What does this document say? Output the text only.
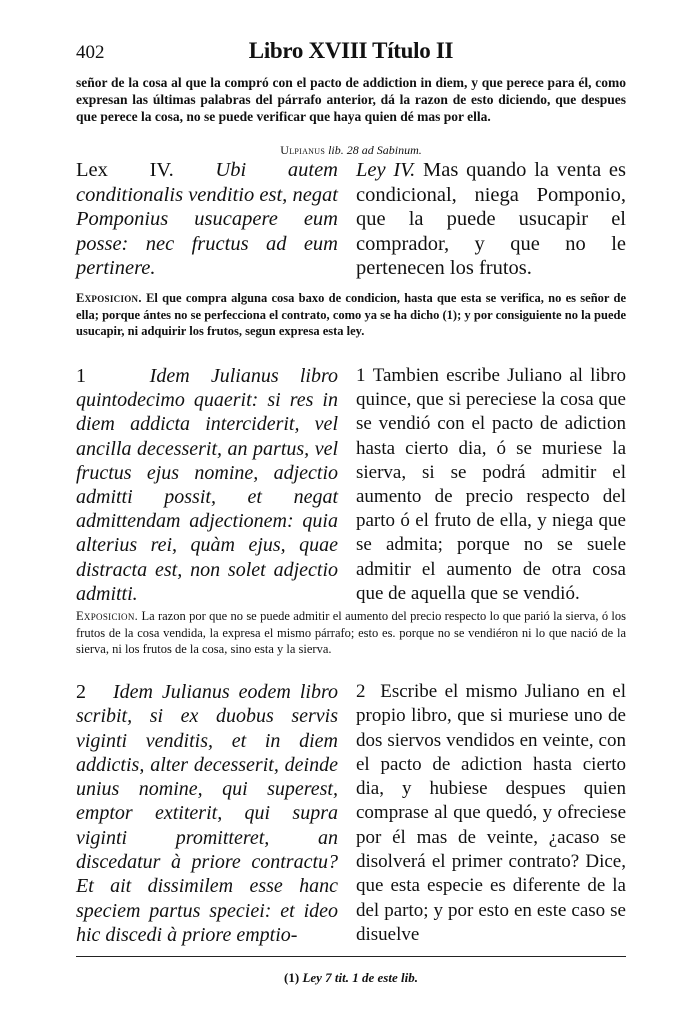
402	Libro XVIII Título II

señor de la cosa al que la compró con el pacto de addiction in diem, y que perece para él, como expresan las últimas palabras del párrafo anterior, dá la razon de esto diciendo, que despues que perece la cosa, no se puede verificar que haya quien dé mas por ella.

Ulpianus lib. 28 ad Sabinum.
Lex IV. Ubi autem conditionalis venditio est, negat Pomponius usucapere eum posse: nec fructus ad eum pertinere.
Ley IV. Mas quando la venta es condicional, niega Pomponio, que la puede usucapir el comprador, y que no le pertenecen los frutos.
Exposicion. El que compra alguna cosa baxo de condicion, hasta que esta se verifica, no es señor de ella; porque ántes no se perfecciona el contrato, como ya se ha dicho (1); y por consiguiente no la puede usucapir, ni adquirir los frutos, segun expresa esta ley.
1	Idem Julianus libro quintodecimo quaerit: si res in diem addicta interciderit, vel ancilla decesserit, an partus, vel fructus ejus nomine, adjectio admitti possit, et negat admittendam adjectionem: quia alterius rei, quàm ejus, quae distracta est, non solet adjectio admitti.
1 Tambien escribe Juliano al libro quince, que si pereciese la cosa que se vendió con el pacto de adiction hasta cierto dia, ó se muriese la sierva, si se podrá admitir el aumento de precio respecto del parto ó el fruto de ella, y niega que se admita; porque no se suele admitir el aumento de otra cosa que de aquella que se vendió.
Exposicion. La razon por que no se puede admitir el aumento del precio respecto lo que parió la sierva, ó los frutos de la cosa vendida, la expresa el mismo párrafo; esto es. porque no se vendiéron ni lo que nació de la sierva, ni los frutos de la cosa, sino esta y la sierva.
2 Idem Julianus eodem libro scribit, si ex duobus servis viginti venditis, et in diem addictis, alter decesserit, deinde unius nomine, qui superest, emptor extiterit, qui supra viginti promitteret, an discedatur à priore contractu? Et ait dissimilem esse hanc speciem partus speciei: et ideo hic discedi à priore emptio-
2 Escribe el mismo Juliano en el propio libro, que si muriese uno de dos siervos vendidos en veinte, con el pacto de adiction hasta cierto dia, y hubiese despues quien comprase al que quedó, y ofreciese por él mas de veinte, ¿acaso se disolverá el primer contrato? Dice, que esta especie es diferente de la del parto; y por esto en este caso se disuelve
(1) Ley 7 tit. 1 de este lib.
